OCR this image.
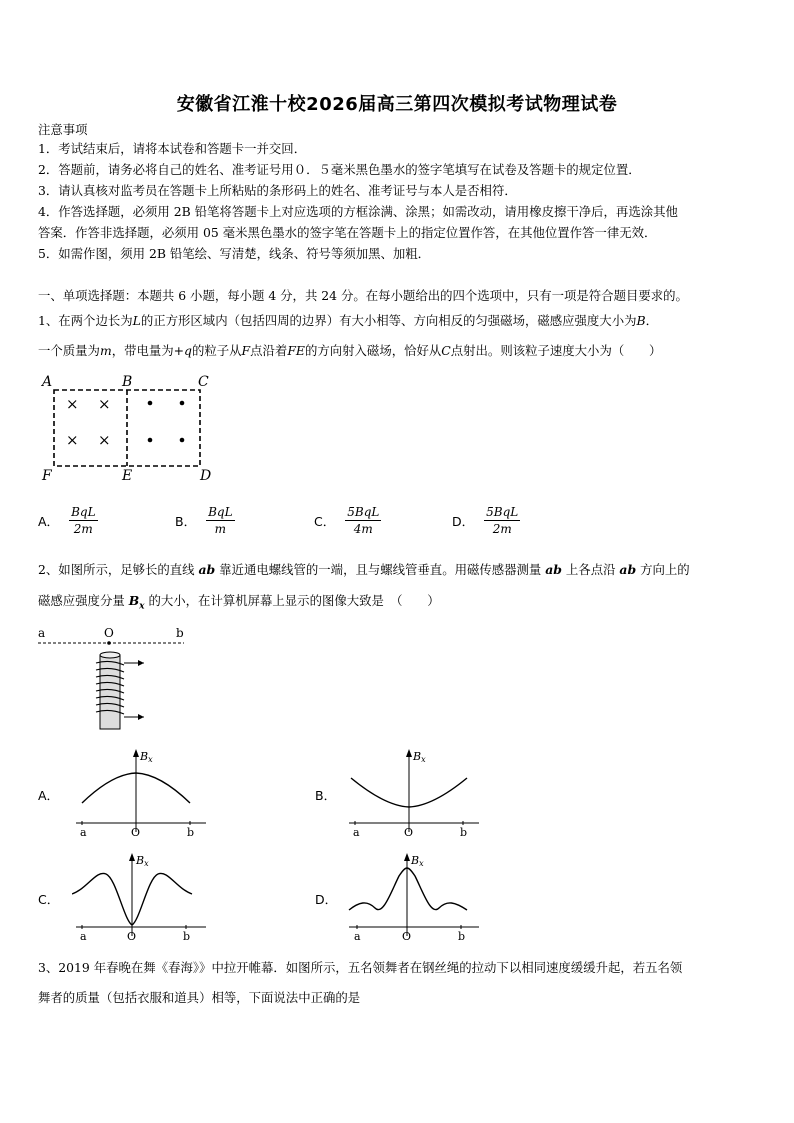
安徽省江淮十校2026届高三第四次模拟考试物理试卷
注意事项
1．考试结束后，请将本试卷和答题卡一并交回．
2．答题前，请务必将自己的姓名、准考证号用０．５毫米黑色墨水的签字笔填写在试卷及答题卡的规定位置．
3．请认真核对监考员在答题卡上所粘贴的条形码上的姓名、准考证号与本人是否相符．
4．作答选择题，必须用 2B 铅笔将答题卡上对应选项的方框涂满、涂黑；如需改动，请用橡皮擦干净后，再选涂其他
答案．作答非选择题，必须用 05 毫米黑色墨水的签字笔在答题卡上的指定位置作答，在其他位置作答一律无效．
5．如需作图，须用 2B 铅笔绘、写清楚，线条、符号等须加黑、加粗．
一、单项选择题：本题共 6 小题，每小题 4 分，共 24 分。在每小题给出的四个选项中，只有一项是符合题目要求的。
1、在两个边长为L的正方形区域内（包括四周的边界）有大小相等、方向相反的匀强磁场，磁感应强度大小为B．
一个质量为m，带电量为+q的粒子从F点沿着FE的方向射入磁场，恰好从C点射出。则该粒子速度大小为（　　）
A	B	C
D
E
F
× ×
× ×
A． $\frac{\text{BqL}}{2m}$	B． $\frac{\text{BqL}}{m}$	C． $\frac{\text{5BqL}}{4m}$	D． $\frac{\text{5BqL}}{2m}$
2、如图所示，足够长的直线 ab 靠近通电螺线管的一端，且与螺线管垂直。用磁传感器测量 ab 上各点沿 ab 方向上的
磁感应强度分量 $B_x$ 的大小，在计算机屏幕上显示的图像大致是　（　　）
a	O	b
A．
Bx
a	O	b
B．
Bx
a	O	b
C．
Bx
a	O	b
D．
Bx
a	O	b
3、2019 年春晚在舞《春海》》中拉开帷幕．如图所示，五名领舞者在钢丝绳的拉动下以相同速度缓缓升起，若五名领
舞者的质量（包括衣服和道具）相等，下面说法中正确的是
